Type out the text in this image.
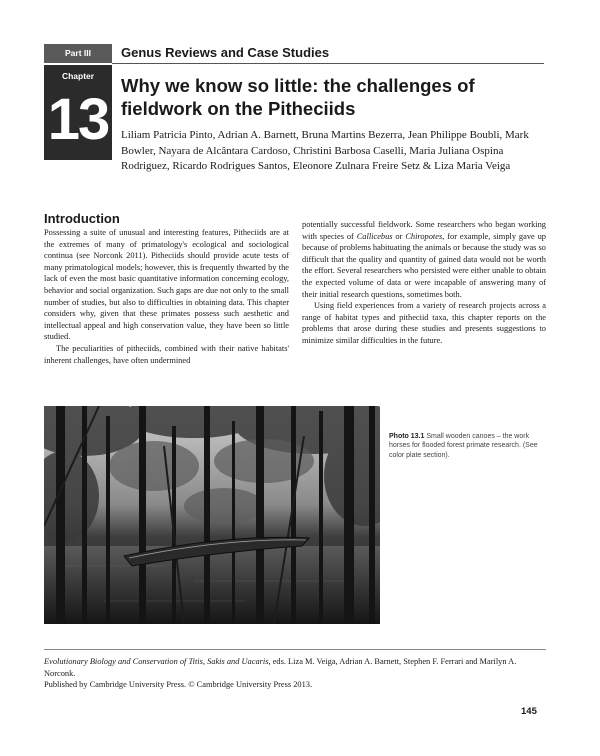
Part III	Genus Reviews and Case Studies
Chapter
13
Why we know so little: the challenges of fieldwork on the Pitheciids
Liliam Patricia Pinto, Adrian A. Barnett, Bruna Martins Bezerra, Jean Philippe Boubli, Mark Bowler, Nayara de Alcântara Cardoso, Christini Barbosa Caselli, Maria Juliana Ospina Rodriguez, Ricardo Rodrigues Santos, Eleonore Zulnara Freire Setz & Liza Maria Veiga
Introduction

Possessing a suite of unusual and interesting features, Pitheciids are at the extremes of many of primatology's ecological and sociological continua (see Norconk 2011). Pitheciids should provide acute tests of many primatological models; however, this is frequently thwarted by the lack of even the most basic quantitative information concerning ecology, behavior and social organization. Such gaps are due not only to the small number of studies, but also to difficulties in obtaining data. This chapter considers why, given that these primates possess such aesthetic and intellectual appeal and high conservation value, they have been so little studied.

The peculiarities of pitheciids, combined with their native habitats' inherent challenges, have often undermined

potentially successful fieldwork. Some researchers who began working with species of Callicebus or Chiropotes, for example, simply gave up because of problems habituating the animals or because the study was so difficult that the quality and quantity of gained data would not be worth the effort. Several researchers who persisted were either unable to obtain the expected volume of data or were incapable of answering many of their initial research questions, sometimes both.

Using field experiences from a variety of research projects across a range of habitat types and pitheciid taxa, this chapter reports on the problems that arose during these studies and presents suggestions to minimize similar difficulties in the future.

Photo 13.1 Small wooden canoes – the work horses for flooded forest primate research. (See color plate section).
Evolutionary Biology and Conservation of Titis, Sakis and Uacaris, eds. Liza M. Veiga, Adrian A. Barnett, Stephen F. Ferrari and Marilyn A. Norconk.
Published by Cambridge University Press. © Cambridge University Press 2013.
145
